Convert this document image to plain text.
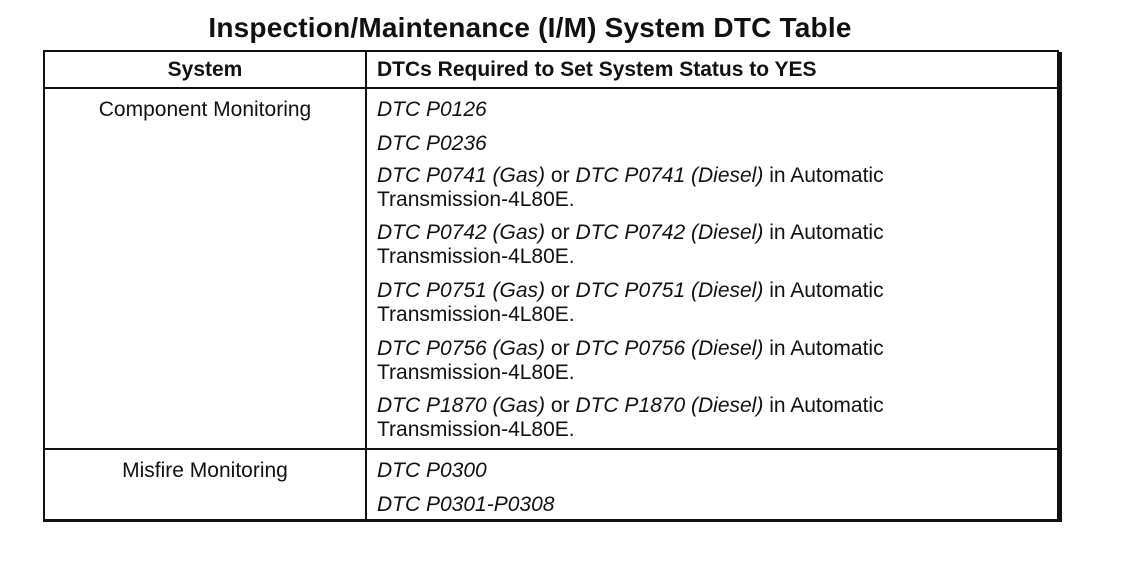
Inspection/Maintenance (I/M) System DTC Table
System	DTCs Required to Set System Status to YES
Component Monitoring	DTC P0126
DTC P0236
DTC P0741 (Gas) or DTC P0741 (Diesel) in Automatic
Transmission-4L80E.
DTC P0742 (Gas) or DTC P0742 (Diesel) in Automatic
Transmission-4L80E.
DTC P0751 (Gas) or DTC P0751 (Diesel) in Automatic
Transmission-4L80E.
DTC P0756 (Gas) or DTC P0756 (Diesel) in Automatic
Transmission-4L80E.
DTC P1870 (Gas) or DTC P1870 (Diesel) in Automatic
Transmission-4L80E.
Misfire Monitoring	DTC P0300
DTC P0301-P0308
